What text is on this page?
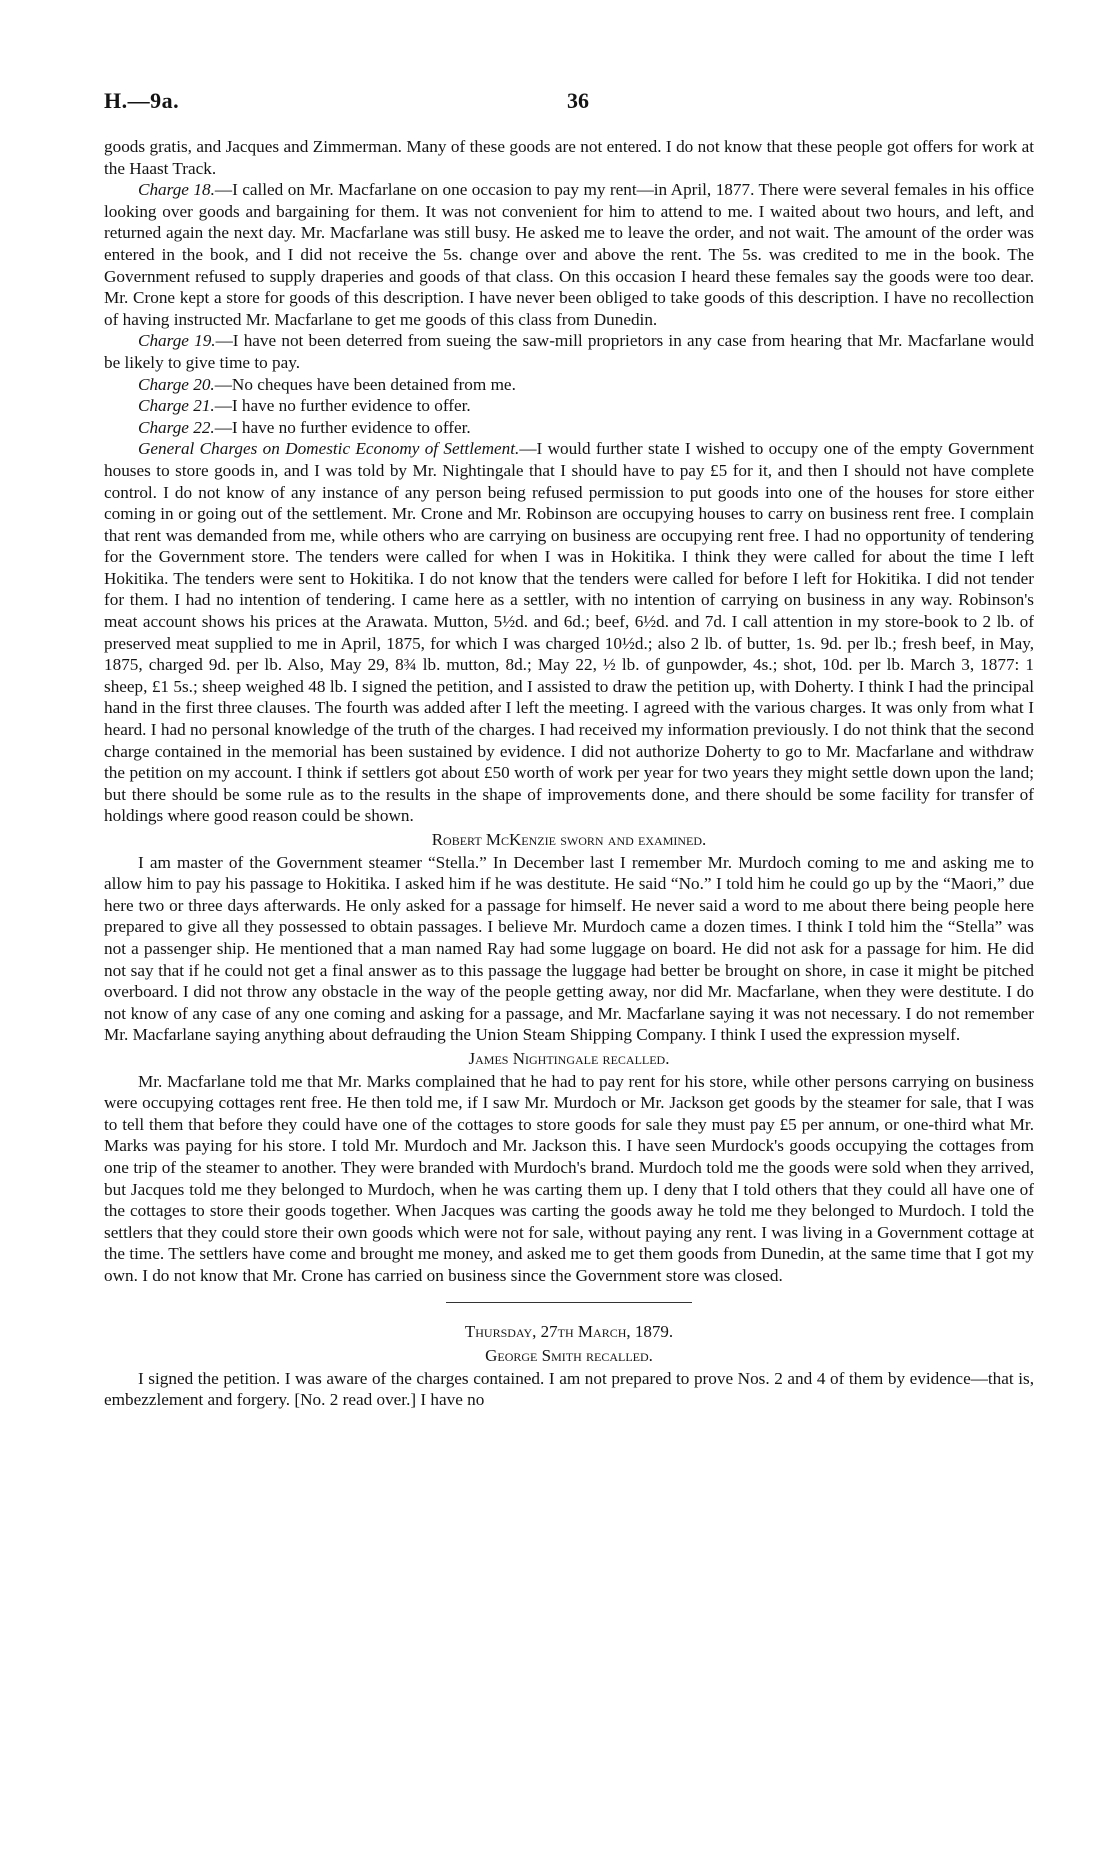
H.—9a.	36

goods gratis, and Jacques and Zimmerman. Many of these goods are not entered. I do not know that these people got offers for work at the Haast Track.

Charge 18.—I called on Mr. Macfarlane on one occasion to pay my rent—in April, 1877. There were several females in his office looking over goods and bargaining for them. It was not convenient for him to attend to me. I waited about two hours, and left, and returned again the next day. Mr. Macfarlane was still busy. He asked me to leave the order, and not wait. The amount of the order was entered in the book, and I did not receive the 5s. change over and above the rent. The 5s. was credited to me in the book. The Government refused to supply draperies and goods of that class. On this occasion I heard these females say the goods were too dear. Mr. Crone kept a store for goods of this description. I have never been obliged to take goods of this description. I have no recollection of having instructed Mr. Macfarlane to get me goods of this class from Dunedin.

Charge 19.—I have not been deterred from sueing the saw-mill proprietors in any case from hearing that Mr. Macfarlane would be likely to give time to pay.

Charge 20.—No cheques have been detained from me.

Charge 21.—I have no further evidence to offer.

Charge 22.—I have no further evidence to offer.

General Charges on Domestic Economy of Settlement.—I would further state I wished to occupy one of the empty Government houses to store goods in, and I was told by Mr. Nightingale that I should have to pay £5 for it, and then I should not have complete control. I do not know of any instance of any person being refused permission to put goods into one of the houses for store either coming in or going out of the settlement. Mr. Crone and Mr. Robinson are occupying houses to carry on business rent free. I complain that rent was demanded from me, while others who are carrying on business are occupying rent free. I had no opportunity of tendering for the Government store. The tenders were called for when I was in Hokitika. I think they were called for about the time I left Hokitika. The tenders were sent to Hokitika. I do not know that the tenders were called for before I left for Hokitika. I did not tender for them. I had no intention of tendering. I came here as a settler, with no intention of carrying on business in any way. Robinson's meat account shows his prices at the Arawata. Mutton, 5½d. and 6d.; beef, 6½d. and 7d. I call attention in my store-book to 2 lb. of preserved meat supplied to me in April, 1875, for which I was charged 10½d.; also 2 lb. of butter, 1s. 9d. per lb.; fresh beef, in May, 1875, charged 9d. per lb. Also, May 29, 8¾ lb. mutton, 8d.; May 22, ½ lb. of gunpowder, 4s.; shot, 10d. per lb. March 3, 1877: 1 sheep, £1 5s.; sheep weighed 48 lb. I signed the petition, and I assisted to draw the petition up, with Doherty. I think I had the principal hand in the first three clauses. The fourth was added after I left the meeting. I agreed with the various charges. It was only from what I heard. I had no personal knowledge of the truth of the charges. I had received my information previously. I do not think that the second charge contained in the memorial has been sustained by evidence. I did not authorize Doherty to go to Mr. Macfarlane and withdraw the petition on my account. I think if settlers got about £50 worth of work per year for two years they might settle down upon the land; but there should be some rule as to the results in the shape of improvements done, and there should be some facility for transfer of holdings where good reason could be shown.

Robert McKenzie sworn and examined.

I am master of the Government steamer “Stella.” In December last I remember Mr. Murdoch coming to me and asking me to allow him to pay his passage to Hokitika. I asked him if he was destitute. He said “No.” I told him he could go up by the “Maori,” due here two or three days afterwards. He only asked for a passage for himself. He never said a word to me about there being people here prepared to give all they possessed to obtain passages. I believe Mr. Murdoch came a dozen times. I think I told him the “Stella” was not a passenger ship. He mentioned that a man named Ray had some luggage on board. He did not ask for a passage for him. He did not say that if he could not get a final answer as to this passage the luggage had better be brought on shore, in case it might be pitched overboard. I did not throw any obstacle in the way of the people getting away, nor did Mr. Macfarlane, when they were destitute. I do not know of any case of any one coming and asking for a passage, and Mr. Macfarlane saying it was not necessary. I do not remember Mr. Macfarlane saying anything about defrauding the Union Steam Shipping Company. I think I used the expression myself.

James Nightingale recalled.

Mr. Macfarlane told me that Mr. Marks complained that he had to pay rent for his store, while other persons carrying on business were occupying cottages rent free. He then told me, if I saw Mr. Murdoch or Mr. Jackson get goods by the steamer for sale, that I was to tell them that before they could have one of the cottages to store goods for sale they must pay £5 per annum, or one-third what Mr. Marks was paying for his store. I told Mr. Murdoch and Mr. Jackson this. I have seen Murdock's goods occupying the cottages from one trip of the steamer to another. They were branded with Murdoch's brand. Murdoch told me the goods were sold when they arrived, but Jacques told me they belonged to Murdoch, when he was carting them up. I deny that I told others that they could all have one of the cottages to store their goods together. When Jacques was carting the goods away he told me they belonged to Murdoch. I told the settlers that they could store their own goods which were not for sale, without paying any rent. I was living in a Government cottage at the time. The settlers have come and brought me money, and asked me to get them goods from Dunedin, at the same time that I got my own. I do not know that Mr. Crone has carried on business since the Government store was closed.

Thursday, 27th March, 1879.
George Smith recalled.

I signed the petition. I was aware of the charges contained. I am not prepared to prove Nos. 2 and 4 of them by evidence—that is, embezzlement and forgery. [No. 2 read over.] I have no
